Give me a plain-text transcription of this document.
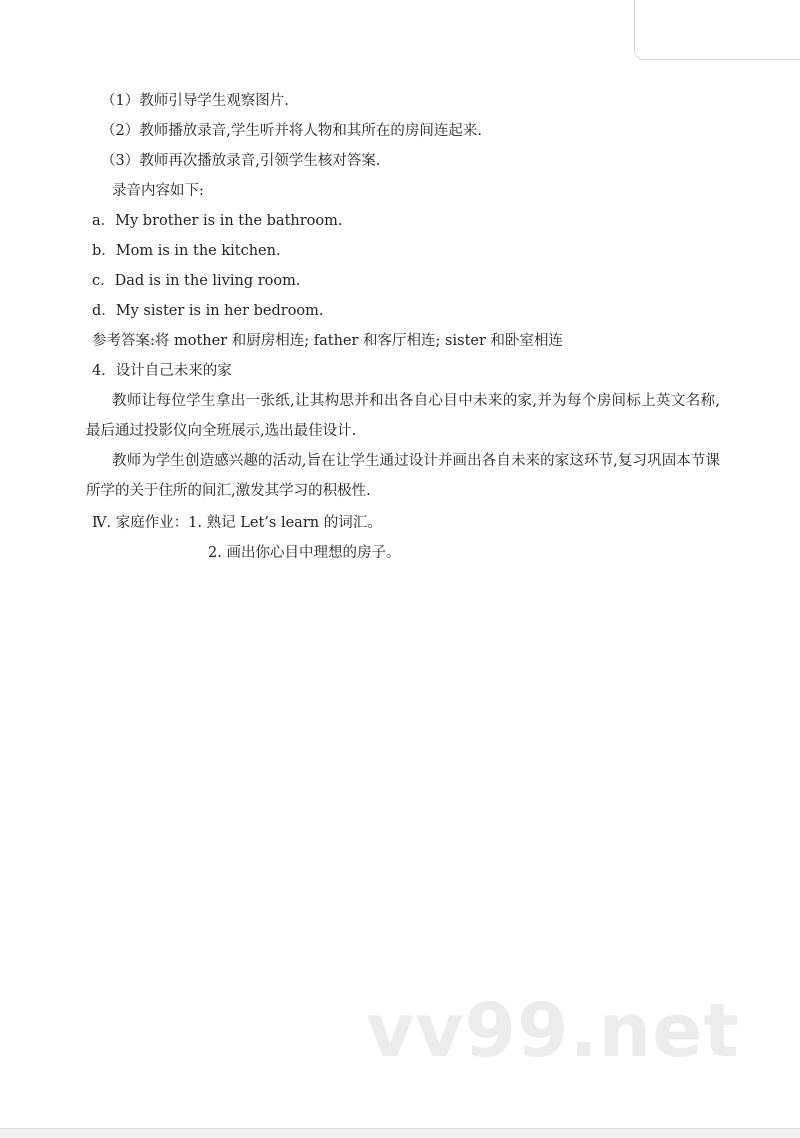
（1）教师引导学生观察图片.
（2）教师播放录音,学生听并将人物和其所在的房间连起来.
（3）教师再次播放录音,引领学生核对答案.
录音内容如下:
a．My brother is in the bathroom.
b．Mom is in the kitchen.
c．Dad is in the living room.
d．My sister is in her bedroom.
参考答案:将 mother 和厨房相连; father 和客厅相连; sister 和卧室相连
4．设计自己未来的家
教师让每位学生拿出一张纸,让其构思并和出各自心目中未来的家,并为每个房间标上英文名称,最后通过投影仪向全班展示,选出最佳设计.
教师为学生创造感兴趣的活动,旨在让学生通过设计并画出各自未来的家这环节,复习巩固本节课所学的关于住所的间汇,激发其学习的积极性.
Ⅳ. 家庭作业：1. 熟记 Let’s learn 的词汇。
2. 画出你心目中理想的房子。
vv99.net
